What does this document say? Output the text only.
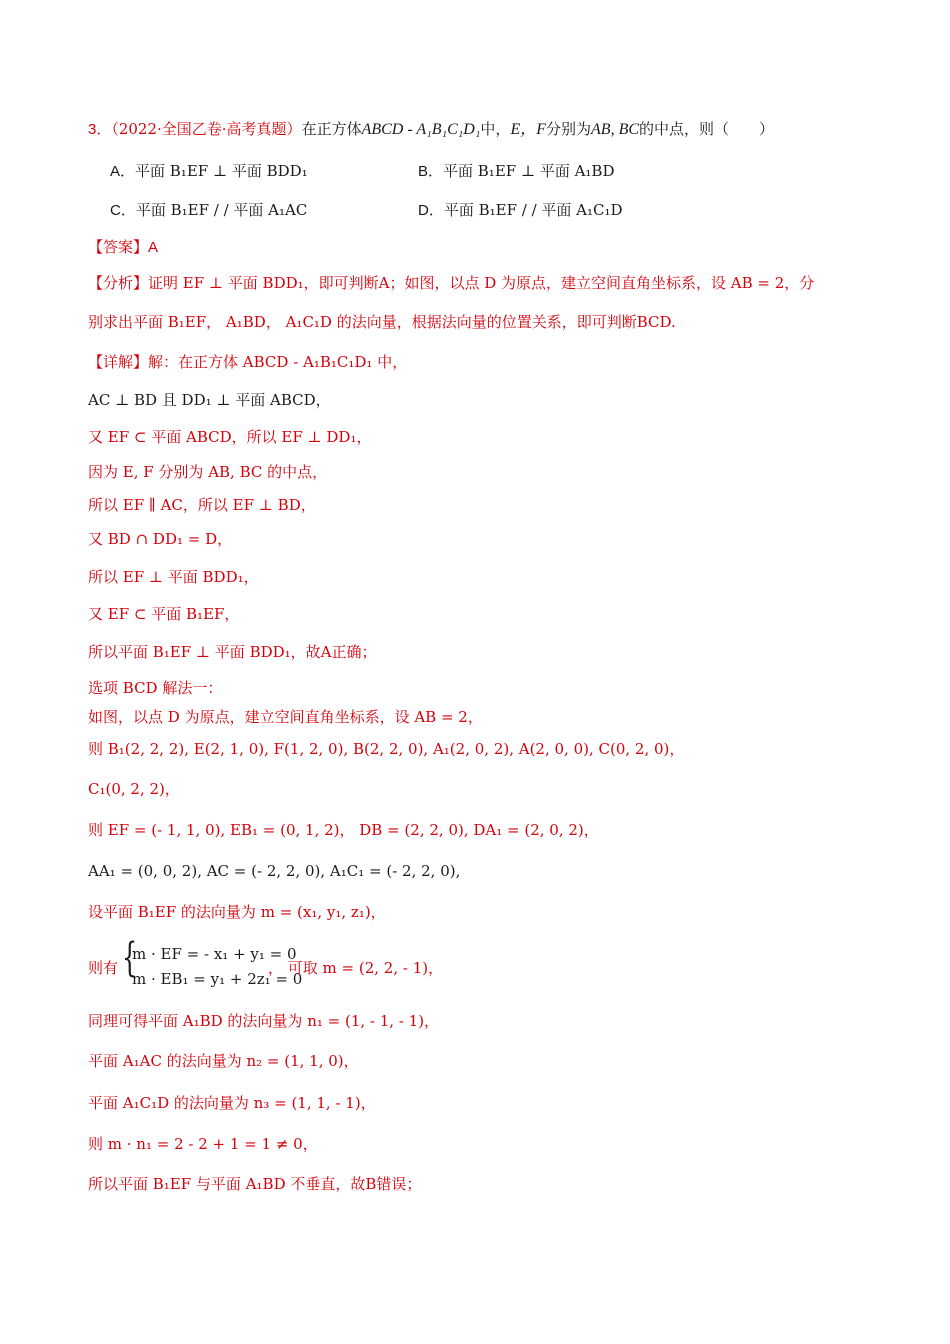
3．（2022·全国乙卷·高考真题）在正方体ABCD - A₁B₁C₁D₁中，E，F分别为AB, BC的中点，则（　　）
A．平面 B₁EF ⊥ 平面 BDD₁	B．平面 B₁EF ⊥ 平面 A₁BD
C．平面 B₁EF / / 平面 A₁AC	D．平面 B₁EF / / 平面 A₁C₁D
【答案】A
【分析】证明 EF ⊥ 平面 BDD₁，即可判断A；如图，以点 D 为原点，建立空间直角坐标系，设 AB = 2，分
别求出平面 B₁EF， A₁BD， A₁C₁D 的法向量，根据法向量的位置关系，即可判断BCD.
【详解】解：在正方体 ABCD - A₁B₁C₁D₁ 中，
AC ⊥ BD 且 DD₁ ⊥ 平面 ABCD，
又 EF ⊂ 平面 ABCD，所以 EF ⊥ DD₁，
因为 E, F 分别为 AB, BC 的中点，
所以 EF ∥ AC，所以 EF ⊥ BD，
又 BD ∩ DD₁ = D，
所以 EF ⊥ 平面 BDD₁，
又 EF ⊂ 平面 B₁EF，
所以平面 B₁EF ⊥ 平面 BDD₁，故A正确；
选项 BCD 解法一：
如图，以点 D 为原点，建立空间直角坐标系，设 AB = 2，
则 B₁(2, 2, 2), E(2, 1, 0), F(1, 2, 0), B(2, 2, 0), A₁(2, 0, 2), A(2, 0, 0), C(0, 2, 0)，
C₁(0, 2, 2)，
则 EF = (- 1, 1, 0), EB₁ = (0, 1, 2)， DB = (2, 2, 0), DA₁ = (2, 0, 2)，
AA₁ = (0, 0, 2), AC = (- 2, 2, 0), A₁C₁ = (- 2, 2, 0),
设平面 B₁EF 的法向量为 m = (x₁, y₁, z₁)，
则有 {
m · EF = - x₁ + y₁ = 0
m · EB₁ = y₁ + 2z₁ = 0
， 可取 m = (2, 2, - 1)，
同理可得平面 A₁BD 的法向量为 n₁ = (1, - 1, - 1)，
平面 A₁AC 的法向量为 n₂ = (1, 1, 0)，
平面 A₁C₁D 的法向量为 n₃ = (1, 1, - 1)，
则 m · n₁ = 2 - 2 + 1 = 1 ≠ 0，
所以平面 B₁EF 与平面 A₁BD 不垂直，故B错误；
